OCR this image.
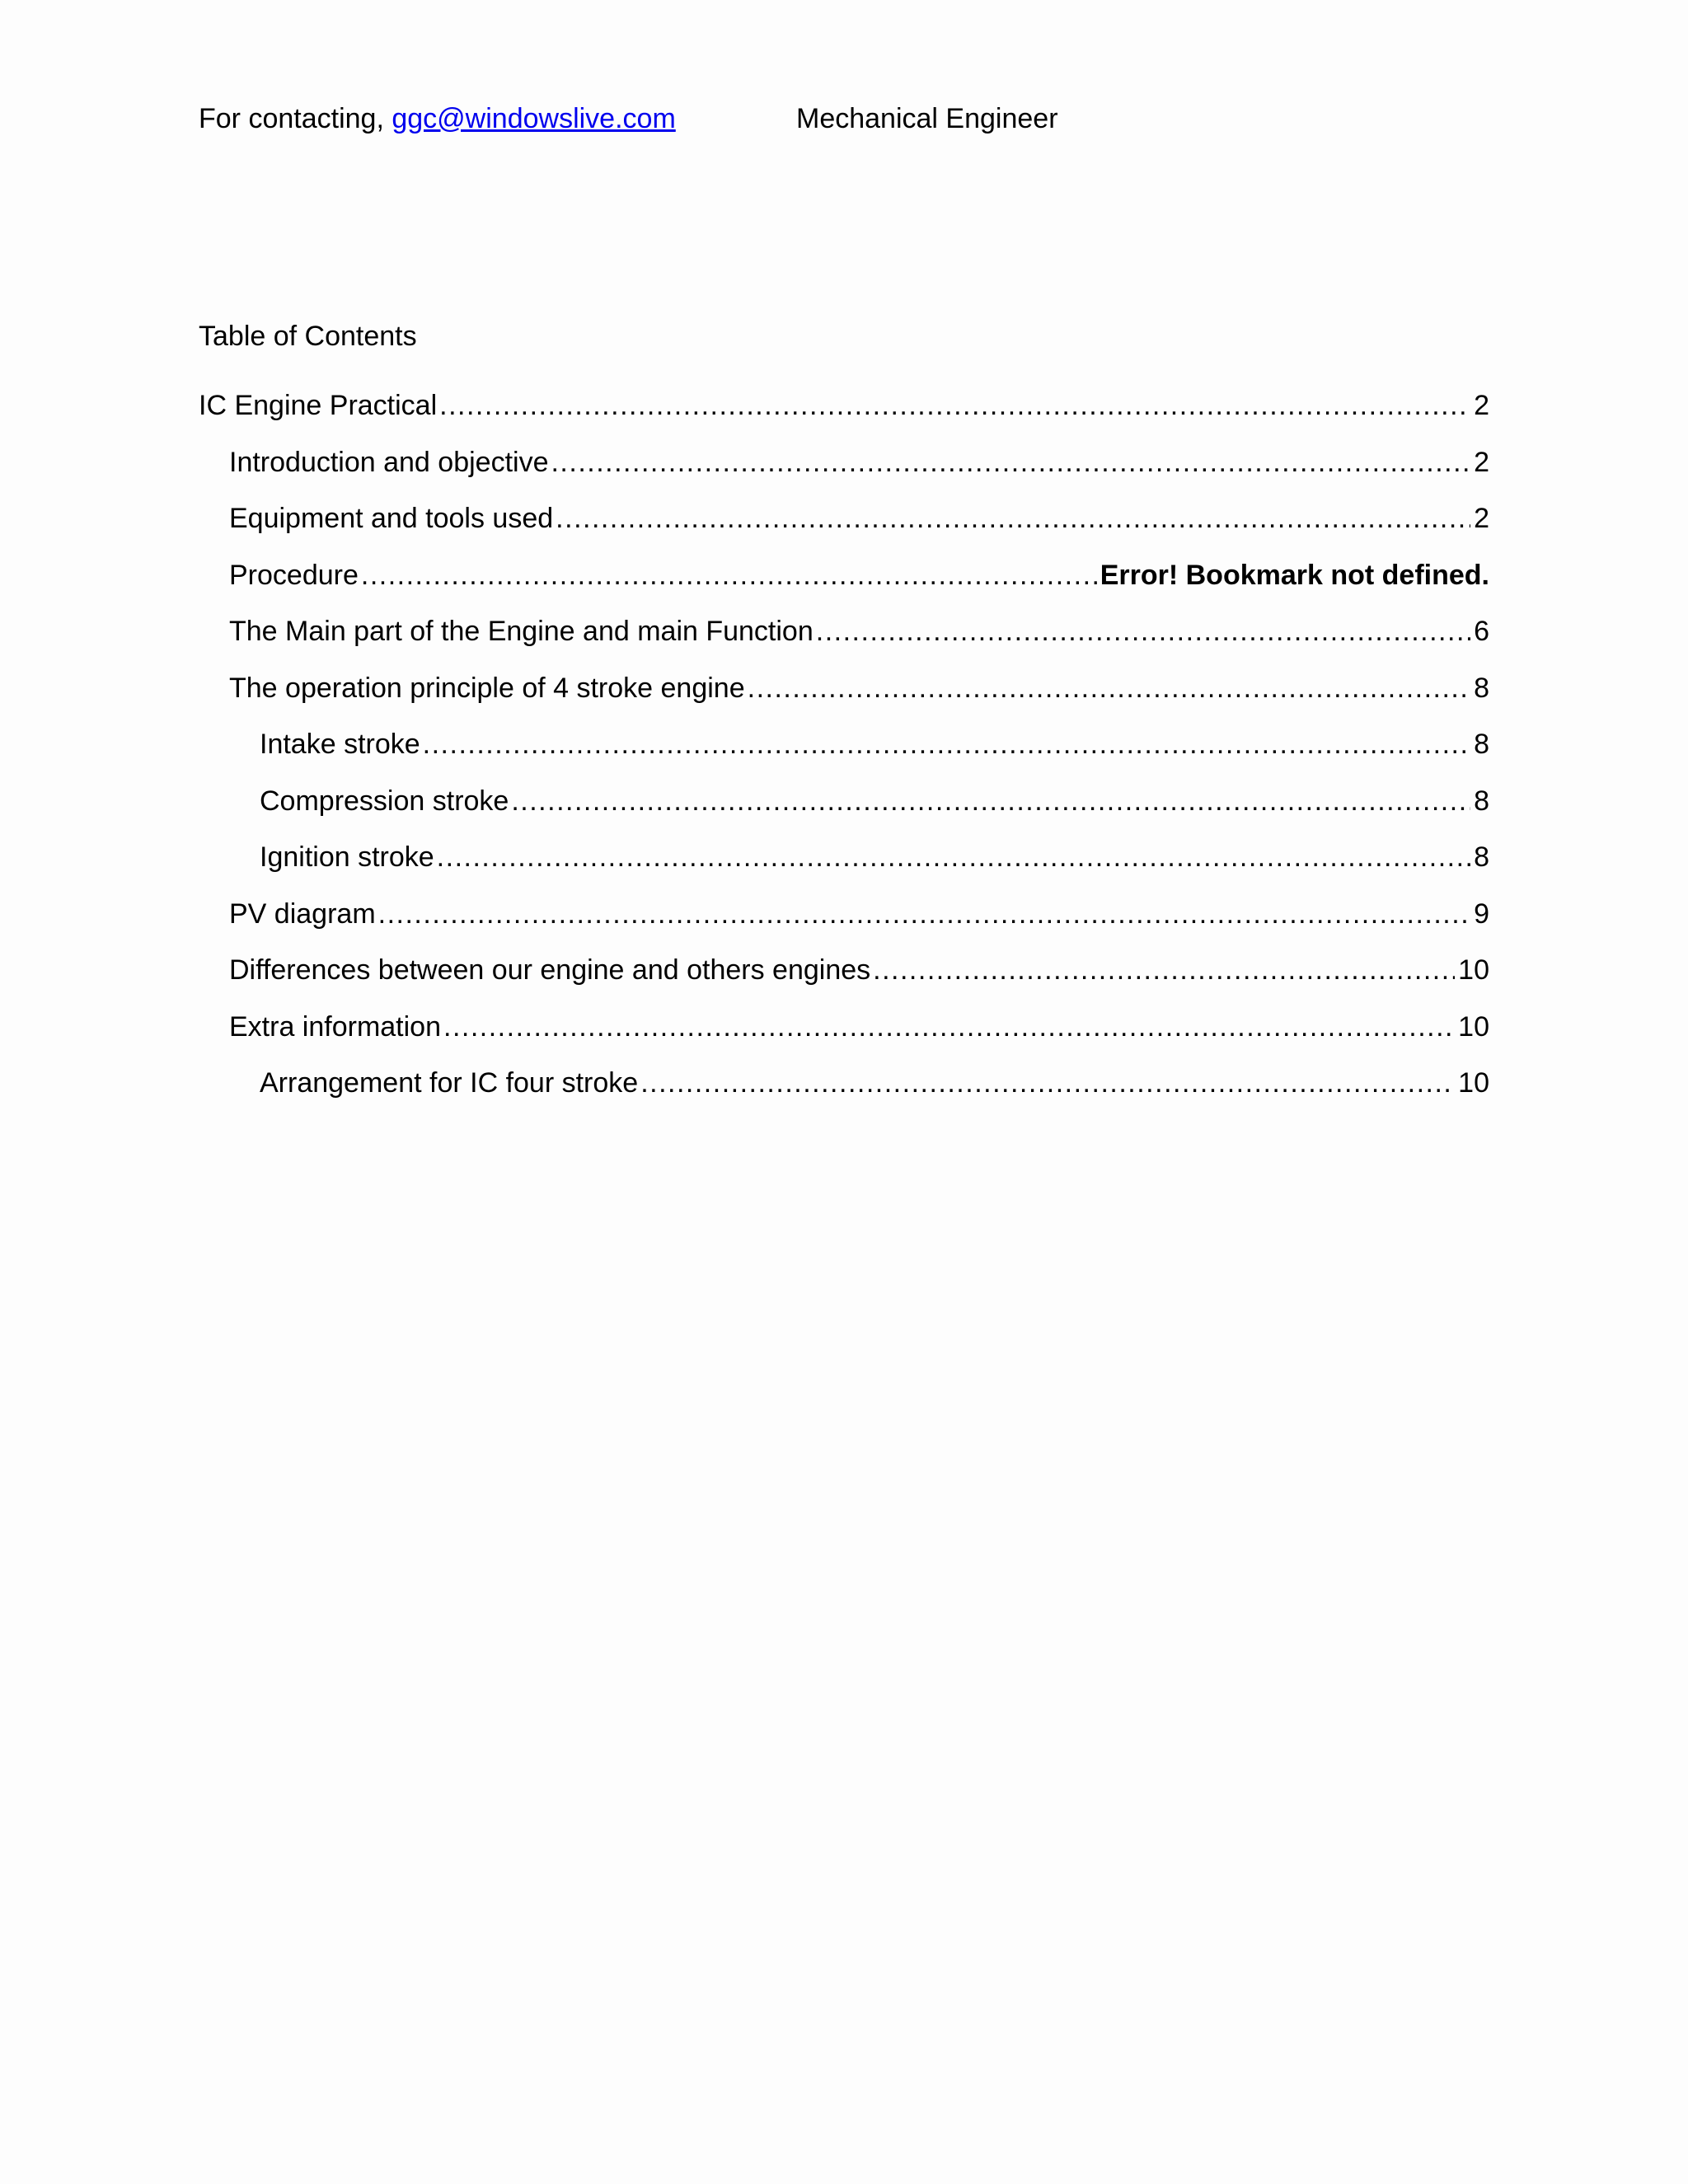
For contacting, ggc@windowslive.com	Mechanical Engineer
Table of Contents
IC Engine Practical .....	2
Introduction and objective .....	2
Equipment and tools used .....	2
Procedure .....	Error! Bookmark not defined.
The Main part of the Engine and main Function .....	6
The operation principle of 4 stroke engine .....	8
Intake stroke .....	8
Compression stroke .....	8
Ignition stroke .....	8
PV diagram .....	9
Differences between our engine and others engines .....	10
Extra information .....	10
Arrangement for IC four stroke .....	10
